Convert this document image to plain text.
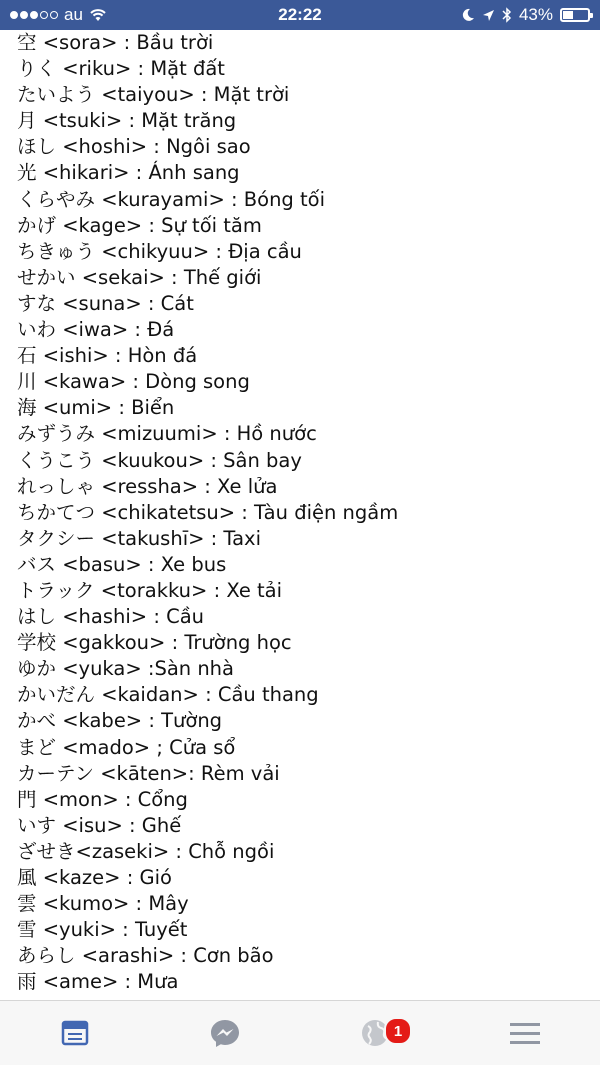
au	22:22	43%
空 <sora> : Bầu trời
りく <riku> : Mặt đất
たいよう <taiyou> : Mặt trời
月 <tsuki> : Mặt trăng
ほし <hoshi> : Ngôi sao
光 <hikari> : Ánh sang
くらやみ <kurayami> : Bóng tối
かげ <kage> : Sự tối tăm
ちきゅう <chikyuu> : Địa cầu
せかい <sekai> : Thế giới
すな <suna> : Cát
いわ <iwa> : Đá
石 <ishi> : Hòn đá
川 <kawa> : Dòng song
海 <umi> : Biển
みずうみ <mizuumi> : Hồ nước
くうこう <kuukou> : Sân bay
れっしゃ <ressha> : Xe lửa
ちかてつ <chikatetsu> : Tàu điện ngầm
タクシー <takushī> : Taxi
バス <basu> : Xe bus
トラック <torakku> : Xe tải
はし <hashi> : Cầu
学校 <gakkou> : Trường học
ゆか <yuka> :Sàn nhà
かいだん <kaidan> : Cầu thang
かべ <kabe> : Tường
まど <mado> ; Cửa sổ
カーテン <kāten>: Rèm vải
門 <mon> : Cổng
いす <isu> : Ghế
ざせき<zaseki> : Chỗ ngồi
風 <kaze> : Gió
雲 <kumo> : Mây
雪 <yuki> : Tuyết
あらし <arashi> : Cơn bão
雨 <ame> : Mưa
1
